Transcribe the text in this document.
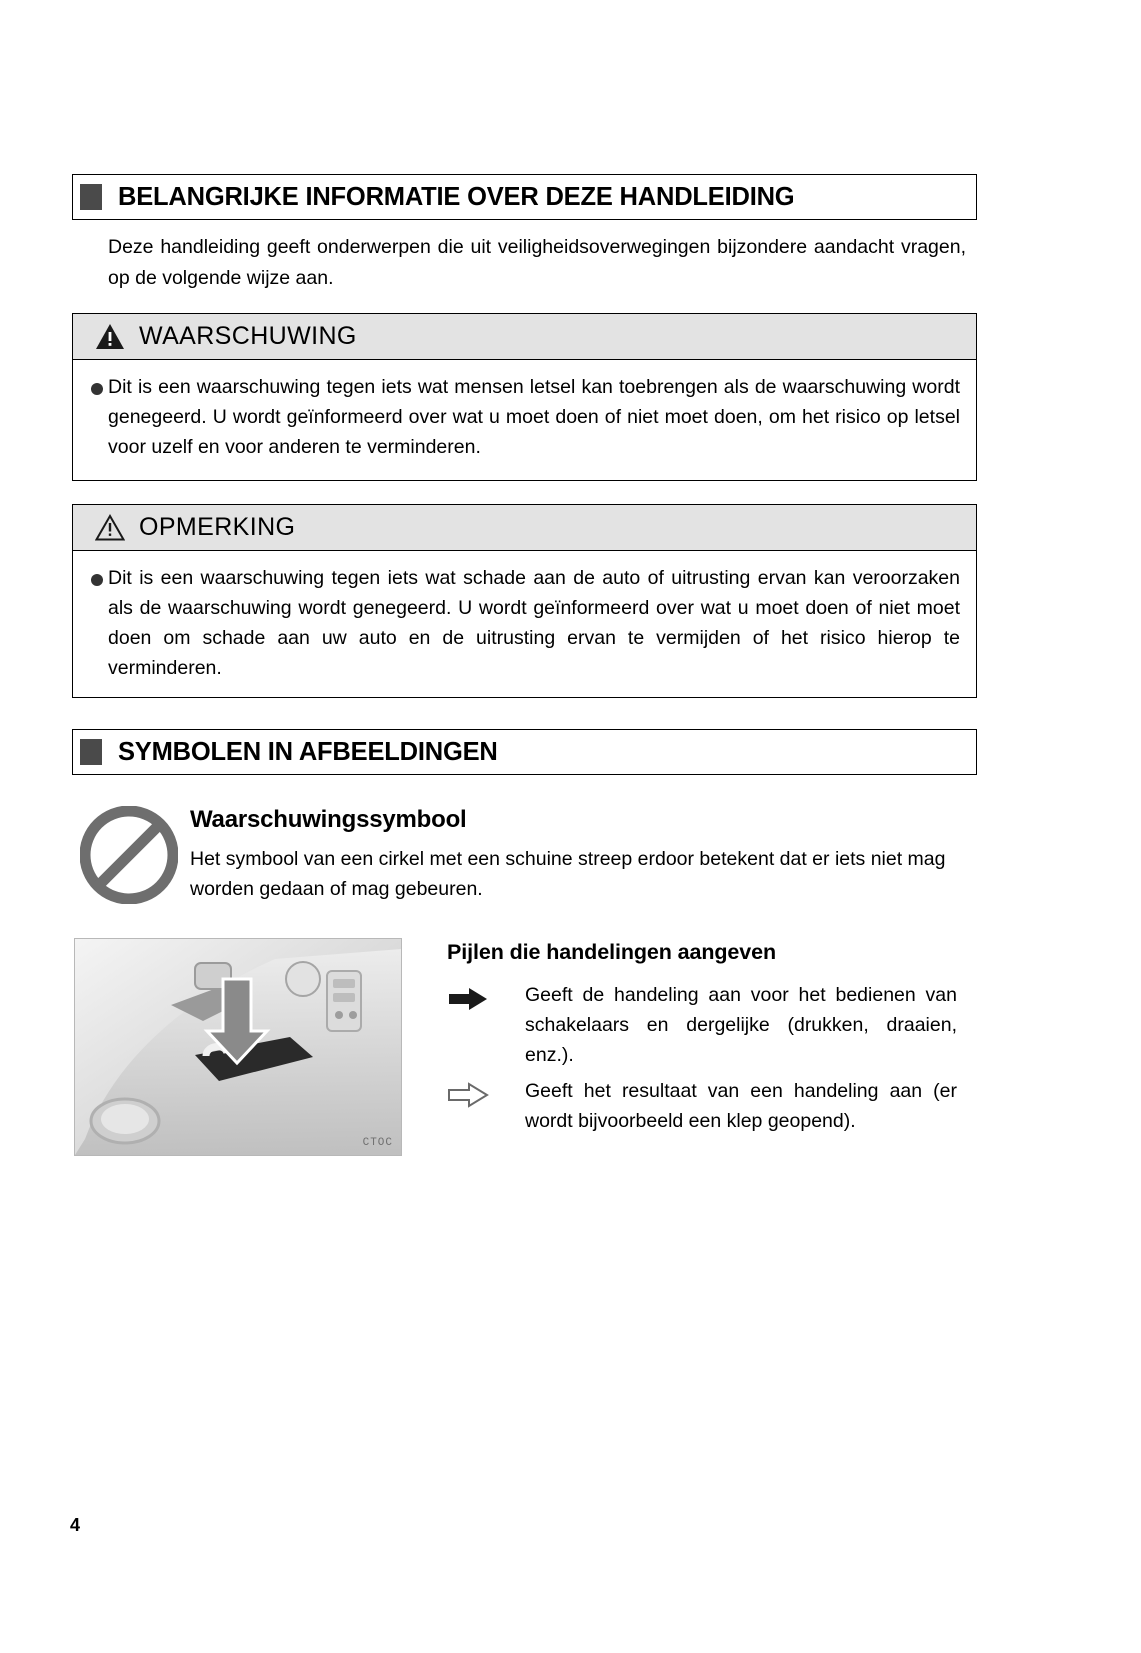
BELANGRIJKE INFORMATIE OVER DEZE HANDLEIDING
Deze handleiding geeft onderwerpen die uit veiligheidsoverwegingen bijzondere aandacht vragen, op de volgende wijze aan.
WAARSCHUWING
Dit is een waarschuwing tegen iets wat mensen letsel kan toebrengen als de waarschuwing wordt genegeerd. U wordt geïnformeerd over wat u moet doen of niet moet doen, om het risico op letsel voor uzelf en voor anderen te verminderen.
OPMERKING
Dit is een waarschuwing tegen iets wat schade aan de auto of uitrusting ervan kan veroorzaken als de waarschuwing wordt genegeerd. U wordt geïnformeerd over wat u moet doen of niet moet doen om schade aan uw auto en de uitrusting ervan te vermijden of het risico hierop te verminderen.
SYMBOLEN IN AFBEELDINGEN
Waarschuwingssymbool
Het symbool van een cirkel met een schuine streep erdoor betekent dat er iets niet mag worden gedaan of mag gebeuren.
CTOC
Pijlen die handelingen aangeven
Geeft de handeling aan voor het bedienen van schakelaars en dergelijke (drukken, draaien, enz.).
Geeft het resultaat van een handeling aan (er wordt bijvoorbeeld een klep geopend).
4
